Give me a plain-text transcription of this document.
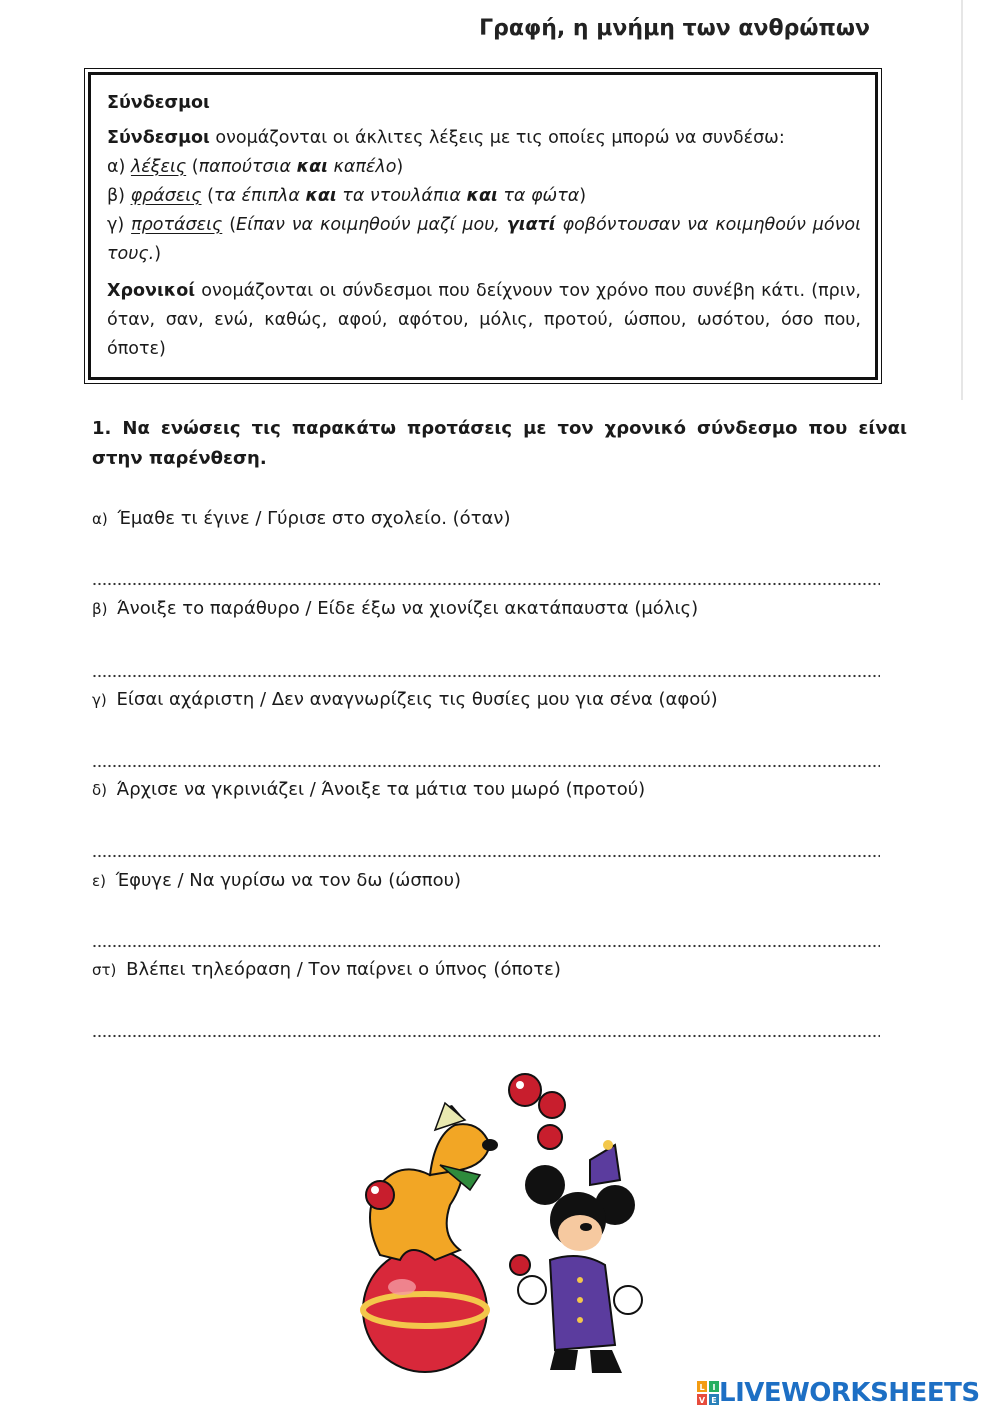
Γραφή, η μνήμη των ανθρώπων

Σύνδεσμοι

Σύνδεσμοι ονομάζονται οι άκλιτες λέξεις με τις οποίες μπορώ να συνδέσω:

α) λέξεις (παπούτσια και καπέλο)

β) φράσεις (τα έπιπλα και τα ντουλάπια και τα φώτα)

γ) προτάσεις (Είπαν να κοιμηθούν μαζί μου, γιατί φοβόντουσαν να κοιμηθούν μόνοι τους.)

Χρονικοί ονομάζονται οι σύνδεσμοι που δείχνουν τον χρόνο που συνέβη κάτι. (πριν, όταν, σαν, ενώ, καθώς, αφού, αφότου, μόλις, προτού, ώσπου, ωσότου, όσο που, όποτε)

1. Να ενώσεις τις παρακάτω προτάσεις με τον χρονικό σύνδεσμο που είναι στην παρένθεση.
α) Έμαθε τι έγινε / Γύρισε στο σχολείο. (όταν)
β) Άνοιξε το παράθυρο / Είδε έξω να χιονίζει ακατάπαυστα (μόλις)
γ) Είσαι αχάριστη / Δεν αναγνωρίζεις τις θυσίες μου για σένα (αφού)
δ) Άρχισε να γκρινιάζει / Άνοιξε τα μάτια του μωρό (προτού)
ε) Έφυγε / Να γυρίσω να τον δω (ώσπου)
στ) Βλέπει τηλεόραση / Τον παίρνει ο ύπνος (όποτε)
L I
V E LIVEWORKSHEETS
